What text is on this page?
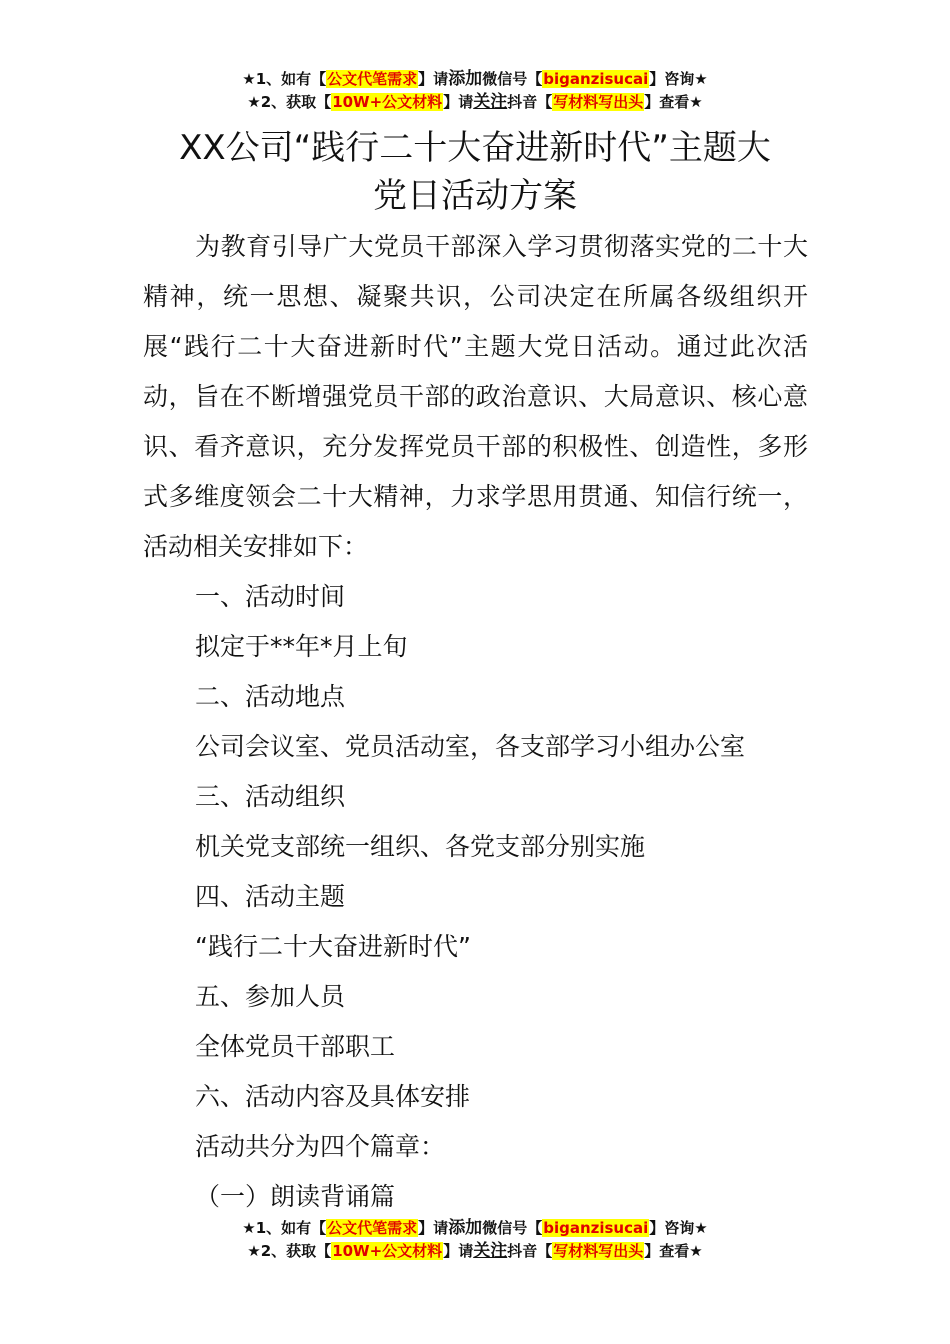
★1、如有【公文代笔需求】请添加微信号【biganzisucai】咨询★
★2、获取【10W+公文材料】请关注抖音【写材料写出头】查看★
XX公司“践行二十大奋进新时代”主题大
党日活动方案

为教育引导广大党员干部深入学习贯彻落实党的二十大精神，统一思想、凝聚共识，公司决定在所属各级组织开展“践行二十大奋进新时代”主题大党日活动。通过此次活动，旨在不断增强党员干部的政治意识、大局意识、核心意识、看齐意识，充分发挥党员干部的积极性、创造性，多形式多维度领会二十大精神，力求学思用贯通、知信行统一，活动相关安排如下：

一、活动时间

拟定于**年*月上旬

二、活动地点

公司会议室、党员活动室，各支部学习小组办公室

三、活动组织

机关党支部统一组织、各党支部分别实施

四、活动主题

“践行二十大奋进新时代”

五、参加人员

全体党员干部职工

六、活动内容及具体安排

活动共分为四个篇章：

（一）朗读背诵篇

★1、如有【公文代笔需求】请添加微信号【biganzisucai】咨询★
★2、获取【10W+公文材料】请关注抖音【写材料写出头】查看★
